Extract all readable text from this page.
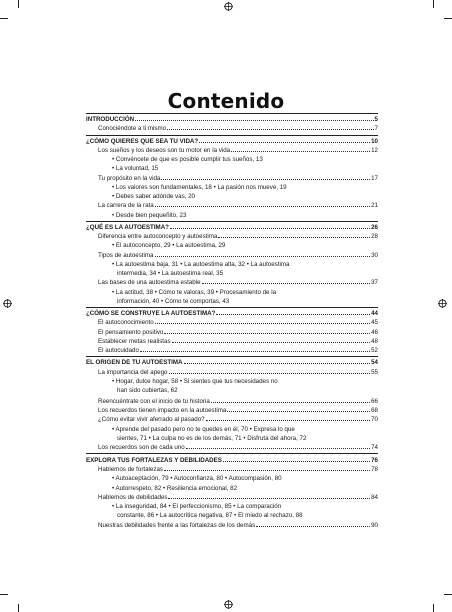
Contenido
INTRODUCCIÓN	5
Conociéndote a ti mismo	7
¿CÓMO QUIERES QUE SEA TU VIDA?	10
Los sueños y los deseos son tu motor en la vida	12
• Convéncete de que es posible cumplir tus sueños, 13
• La voluntad, 15
Tu propósito en la vida	17
• Los valores son fundamentales, 18 • La pasión nos mueve, 19
• Debes saber adónde vas, 20
La carrera de la rata	21
• Desde bien pequeñito, 23
¿QUÉ ES LA AUTOESTIMA?	26
Diferencia entre autoconcepto y autoestima	28
• El autoconcepto, 29 • La autoestima, 29
Tipos de autoestima	30
• La autoestima baja, 31 • La autoestima alta, 32 • La autoestima
intermedia, 34 • La autoestima real, 35
Las bases de una autoestima estable	37
• La actitud, 38 • Cómo te valoras, 39 • Procesamiento de la
información, 40 • Cómo te comportas, 43
¿CÓMO SE CONSTRUYE LA AUTOESTIMA?	44
El autoconocimiento	45
El pensamiento positivo	46
Establecer metas realistas	48
El autocuidado	52
EL ORIGEN DE TU AUTOESTIMA	54
La importancia del apego	55
• Hogar, dulce hogar, 58 • Si sientes que tus necesidades no
han sido cubiertas, 62
Reencuéntrate con el inicio de tu historia	66
Los recuerdos tienen impacto en la autoestima	68
¿Cómo evitar vivir aferrado al pasado?	70
• Aprende del pasado pero no te quedes en él, 70 • Expresa lo que
sientes, 71 • La culpa no es de los demás, 71 • Disfruta del ahora, 72
Los recuerdos son de cada uno	74
EXPLORA TUS FORTALEZAS Y DEBILIDADES	76
Hablemos de fortalezas	78
• Autoaceptación, 79 • Autoconfianza, 80 • Autocompasión, 80
• Autorrespeto, 82 • Resiliencia emocional, 82
Hablemos de debilidades	84
• La inseguridad, 84 • El perfeccionismo, 85 • La comparación
constante, 86 • La autocrítica negativa, 87 • El miedo al rechazo, 88
Nuestras debilidades frente a las fortalezas de los demás	90
